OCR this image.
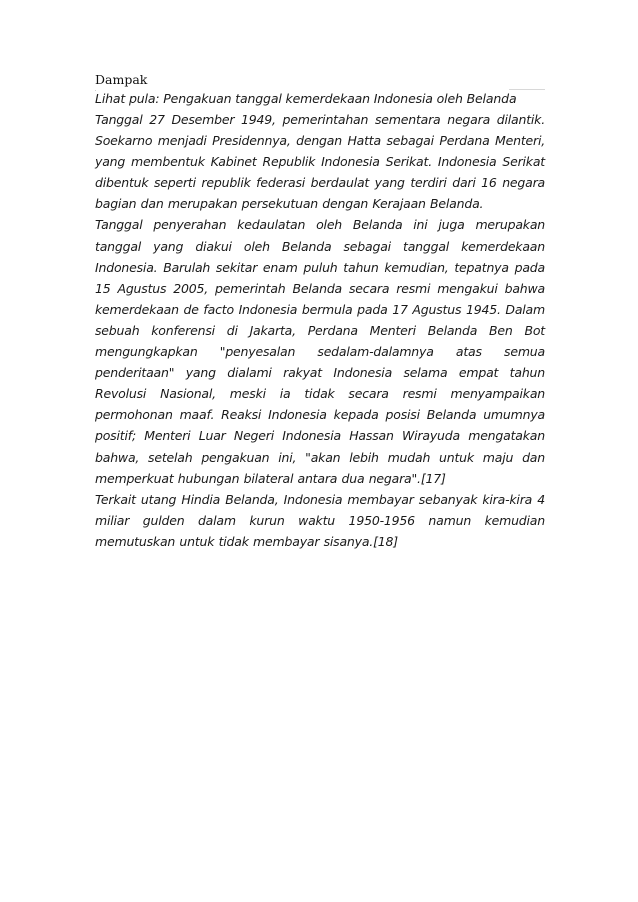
Dampak

Lihat pula: Pengakuan tanggal kemerdekaan Indonesia oleh Belanda

Tanggal 27 Desember 1949, pemerintahan sementara negara dilantik. Soekarno menjadi Presidennya, dengan Hatta sebagai Perdana Menteri, yang membentuk Kabinet Republik Indonesia Serikat. Indonesia Serikat dibentuk seperti republik federasi berdaulat yang terdiri dari 16 negara bagian dan merupakan persekutuan dengan Kerajaan Belanda.

Tanggal penyerahan kedaulatan oleh Belanda ini juga merupakan tanggal yang diakui oleh Belanda sebagai tanggal kemerdekaan Indonesia. Barulah sekitar enam puluh tahun kemudian, tepatnya pada 15 Agustus 2005, pemerintah Belanda secara resmi mengakui bahwa kemerdekaan de facto Indonesia bermula pada 17 Agustus 1945. Dalam sebuah konferensi di Jakarta, Perdana Menteri Belanda Ben Bot mengungkapkan "penyesalan sedalam-dalamnya atas semua penderitaan" yang dialami rakyat Indonesia selama empat tahun Revolusi Nasional, meski ia tidak secara resmi menyampaikan permohonan maaf. Reaksi Indonesia kepada posisi Belanda umumnya positif; Menteri Luar Negeri Indonesia Hassan Wirayuda mengatakan bahwa, setelah pengakuan ini, "akan lebih mudah untuk maju dan memperkuat hubungan bilateral antara dua negara".[17]

Terkait utang Hindia Belanda, Indonesia membayar sebanyak kira-kira 4 miliar gulden dalam kurun waktu 1950-1956 namun kemudian memutuskan untuk tidak membayar sisanya.[18]
